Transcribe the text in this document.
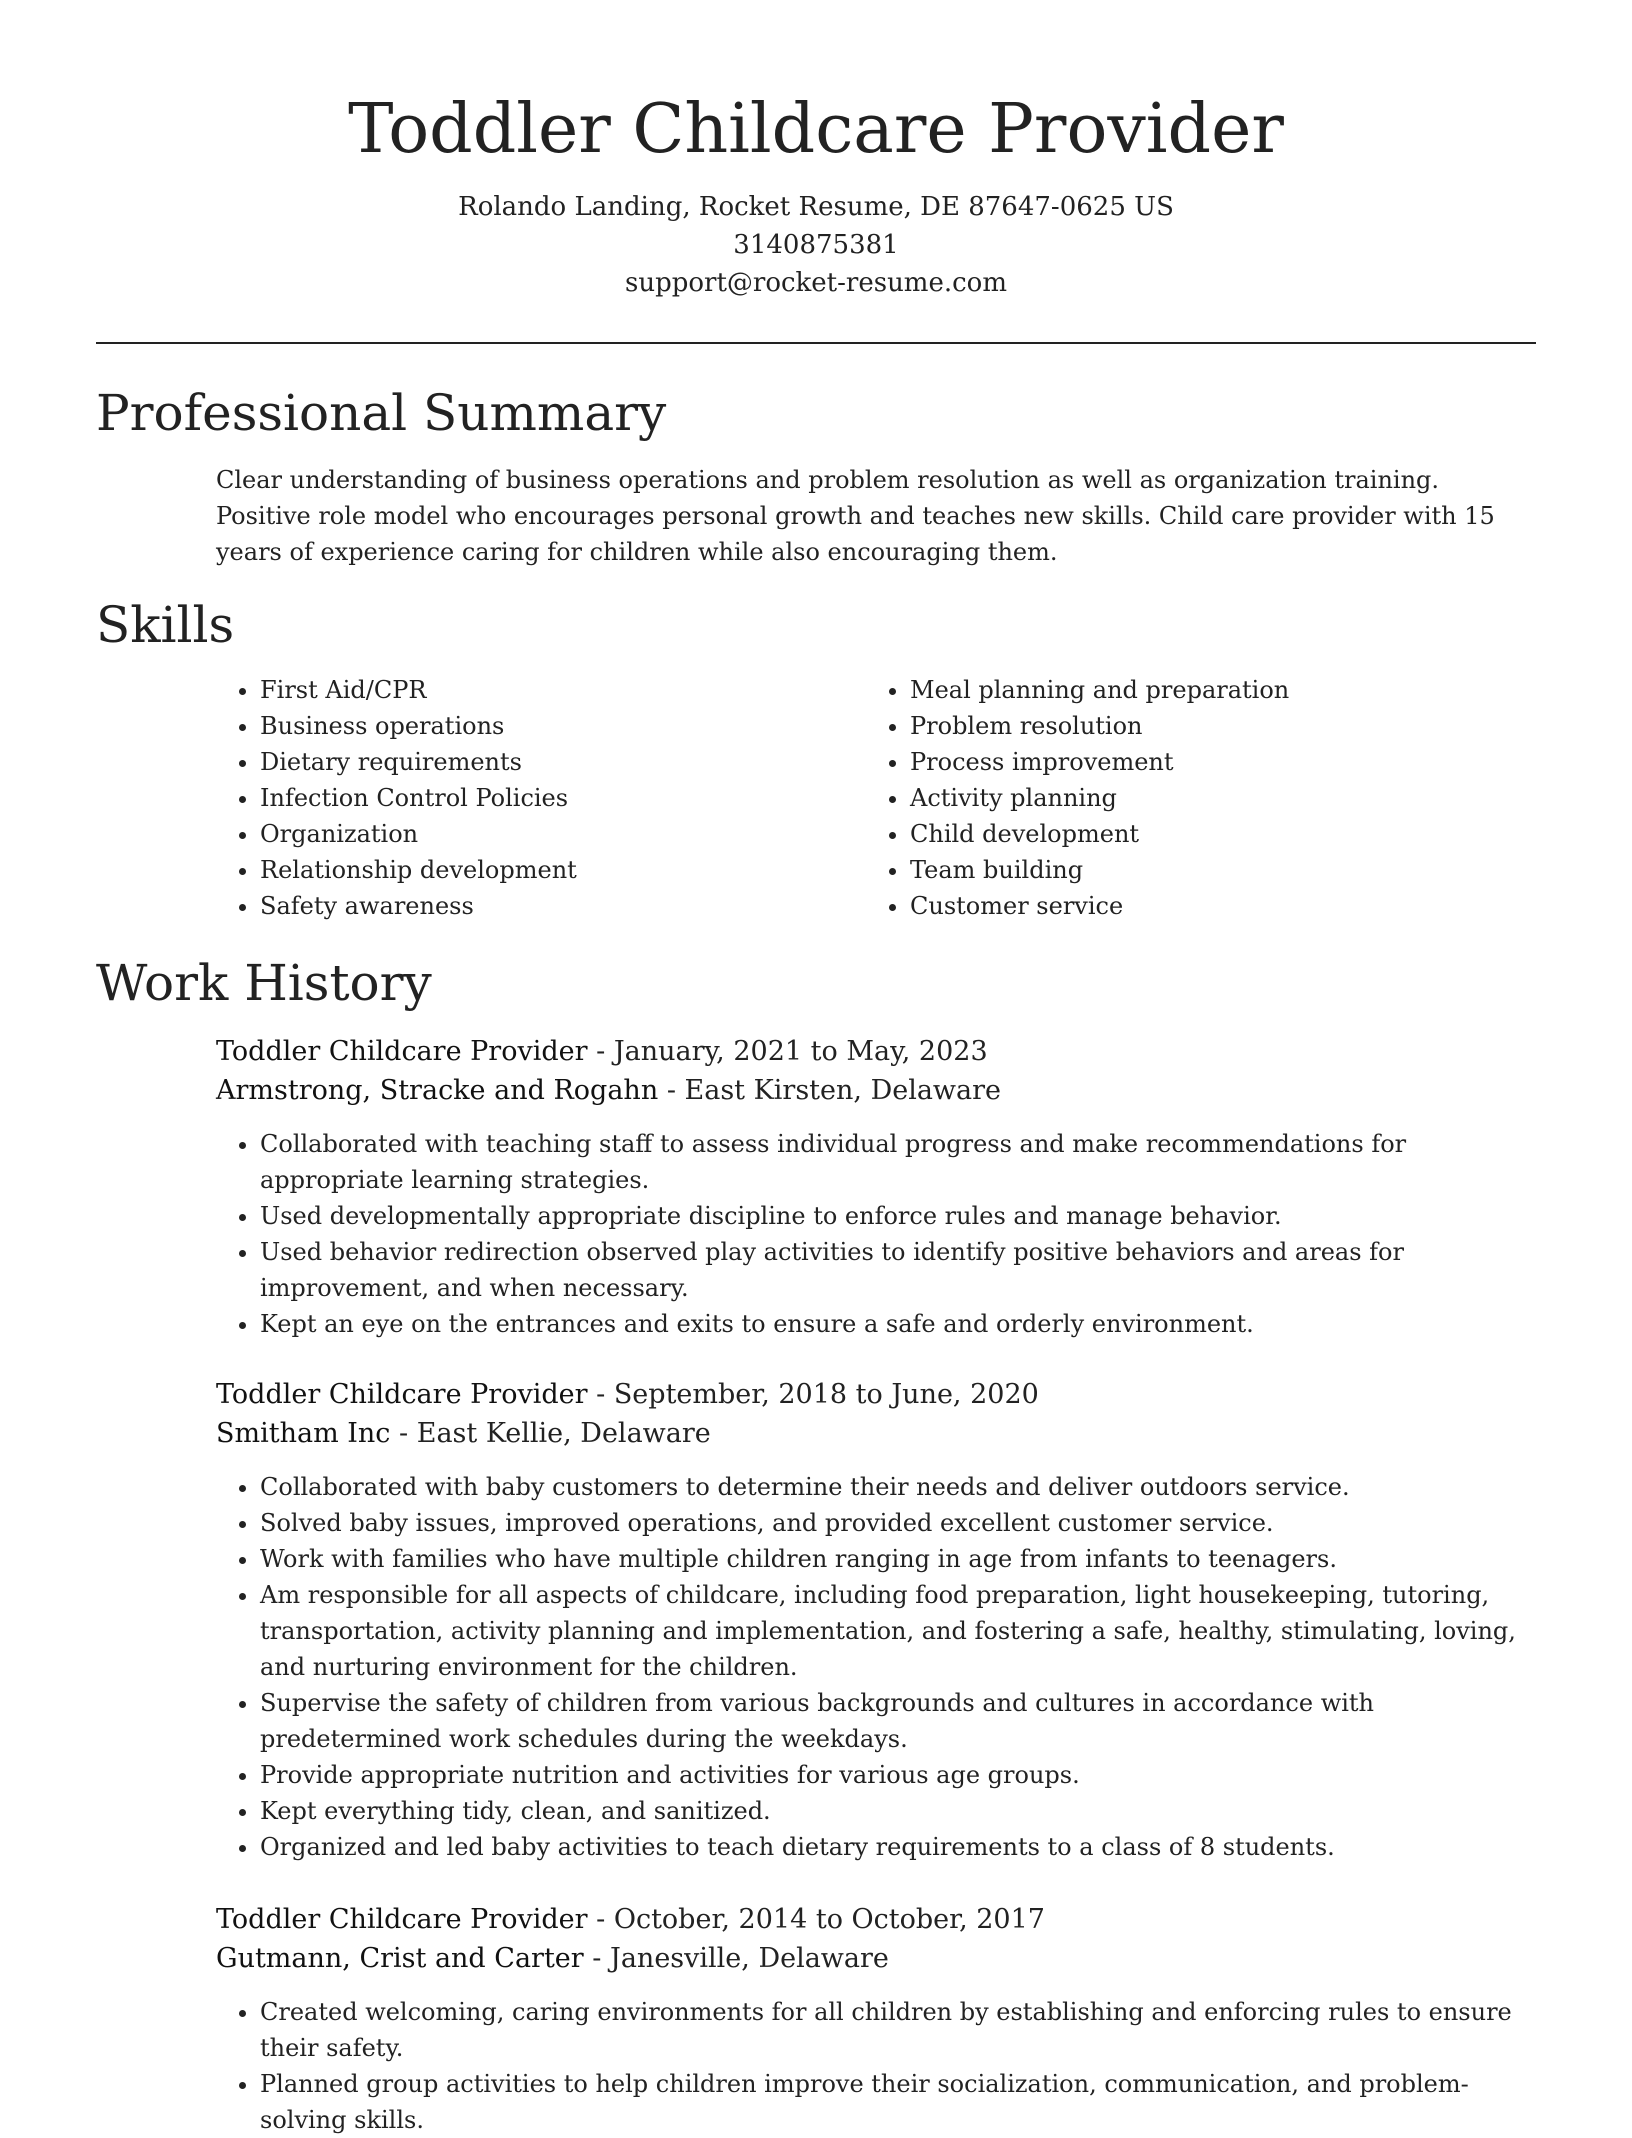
Toddler Childcare Provider
Rolando Landing, Rocket Resume, DE 87647-0625 US
3140875381
support@rocket-resume.com
Professional Summary

Clear understanding of business operations and problem resolution as well as organization training. Positive role model who encourages personal growth and teaches new skills. Child care provider with 15 years of experience caring for children while also encouraging them.

Skills
• First Aid/CPR
• Business operations
• Dietary requirements
• Infection Control Policies
• Organization
• Relationship development
• Safety awareness
• Meal planning and preparation
• Problem resolution
• Process improvement
• Activity planning
• Child development
• Team building
• Customer service
Work History

Toddler Childcare Provider - January, 2021 to May, 2023

Armstrong, Stracke and Rogahn - East Kirsten, Delaware

• Collaborated with teaching staff to assess individual progress and make recommendations for appropriate learning strategies.
• Used developmentally appropriate discipline to enforce rules and manage behavior.
• Used behavior redirection observed play activities to identify positive behaviors and areas for improvement, and when necessary.
• Kept an eye on the entrances and exits to ensure a safe and orderly environment.

Toddler Childcare Provider - September, 2018 to June, 2020

Smitham Inc - East Kellie, Delaware

• Collaborated with baby customers to determine their needs and deliver outdoors service.
• Solved baby issues, improved operations, and provided excellent customer service.
• Work with families who have multiple children ranging in age from infants to teenagers.
• Am responsible for all aspects of childcare, including food preparation, light housekeeping, tutoring, transportation, activity planning and implementation, and fostering a safe, healthy, stimulating, loving, and nurturing environment for the children.
• Supervise the safety of children from various backgrounds and cultures in accordance with predetermined work schedules during the weekdays.
• Provide appropriate nutrition and activities for various age groups.
• Kept everything tidy, clean, and sanitized.
• Organized and led baby activities to teach dietary requirements to a class of 8 students.

Toddler Childcare Provider - October, 2014 to October, 2017

Gutmann, Crist and Carter - Janesville, Delaware

• Created welcoming, caring environments for all children by establishing and enforcing rules to ensure their safety.
• Planned group activities to help children improve their socialization, communication, and problem-solving skills.
